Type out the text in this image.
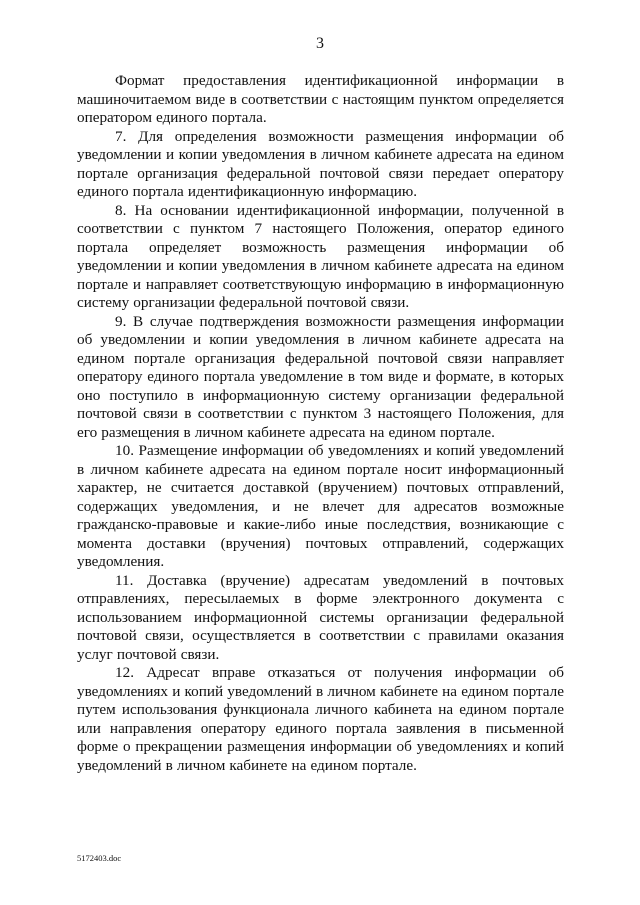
3

Формат предоставления идентификационной информации в машиночитаемом виде в соответствии с настоящим пунктом определяется оператором единого портала.

7. Для определения возможности размещения информации об уведомлении и копии уведомления в личном кабинете адресата на едином портале организация федеральной почтовой связи передает оператору единого портала идентификационную информацию.

8. На основании идентификационной информации, полученной в соответствии с пунктом 7 настоящего Положения, оператор единого портала определяет возможность размещения информации об уведомлении и копии уведомления в личном кабинете адресата на едином портале и направляет соответствующую информацию в информационную систему организации федеральной почтовой связи.

9. В случае подтверждения возможности размещения информации об уведомлении и копии уведомления в личном кабинете адресата на едином портале организация федеральной почтовой связи направляет оператору единого портала уведомление в том виде и формате, в которых оно поступило в информационную систему организации федеральной почтовой связи в соответствии с пунктом 3 настоящего Положения, для его размещения в личном кабинете адресата на едином портале.

10. Размещение информации об уведомлениях и копий уведомлений в личном кабинете адресата на едином портале носит информационный характер, не считается доставкой (вручением) почтовых отправлений, содержащих уведомления, и не влечет для адресатов возможные гражданско-правовые и какие-либо иные последствия, возникающие с момента доставки (вручения) почтовых отправлений, содержащих уведомления.

11. Доставка (вручение) адресатам уведомлений в почтовых отправлениях, пересылаемых в форме электронного документа с использованием информационной системы организации федеральной почтовой связи, осуществляется в соответствии с правилами оказания услуг почтовой связи.

12. Адресат вправе отказаться от получения информации об уведомлениях и копий уведомлений в личном кабинете на едином портале путем использования функционала личного кабинета на едином портале или направления оператору единого портала заявления в письменной форме о прекращении размещения информации об уведомлениях и копий уведомлений в личном кабинете на едином портале.

5172403.doc
